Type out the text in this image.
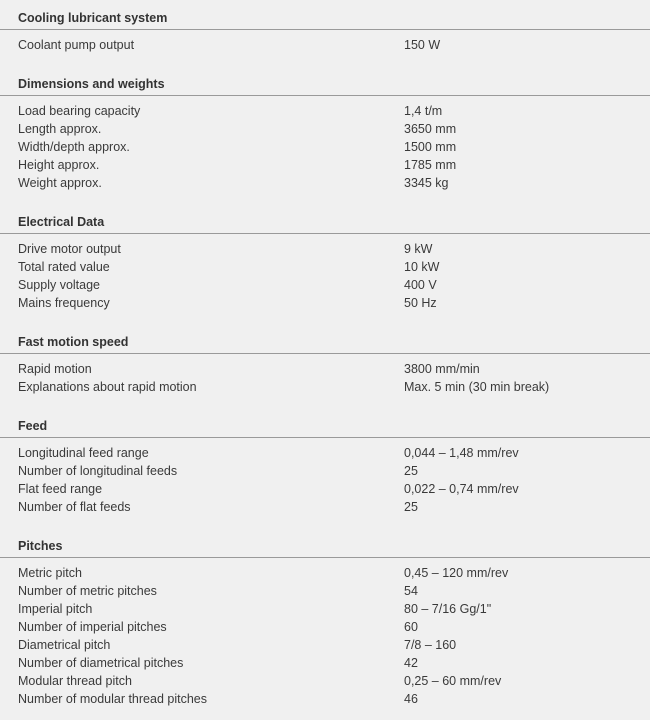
Cooling lubricant system
Coolant pump output	150 W
Dimensions and weights
Load bearing capacity	1,4 t/m
Length approx.	3650 mm
Width/depth approx.	1500 mm
Height approx.	1785 mm
Weight approx.	3345 kg
Electrical Data
Drive motor output	9 kW
Total rated value	10 kW
Supply voltage	400 V
Mains frequency	50 Hz
Fast motion speed
Rapid motion	3800 mm/min
Explanations about rapid motion	Max. 5 min (30 min break)
Feed
Longitudinal feed range	0,044 – 1,48 mm/rev
Number of longitudinal feeds	25
Flat feed range	0,022 – 0,74 mm/rev
Number of flat feeds	25
Pitches
Metric pitch	0,45 – 120 mm/rev
Number of metric pitches	54
Imperial pitch	80 – 7/16 Gg/1"
Number of imperial pitches	60
Diametrical pitch	7/8 – 160
Number of diametrical pitches	42
Modular thread pitch	0,25 – 60 mm/rev
Number of modular thread pitches	46
